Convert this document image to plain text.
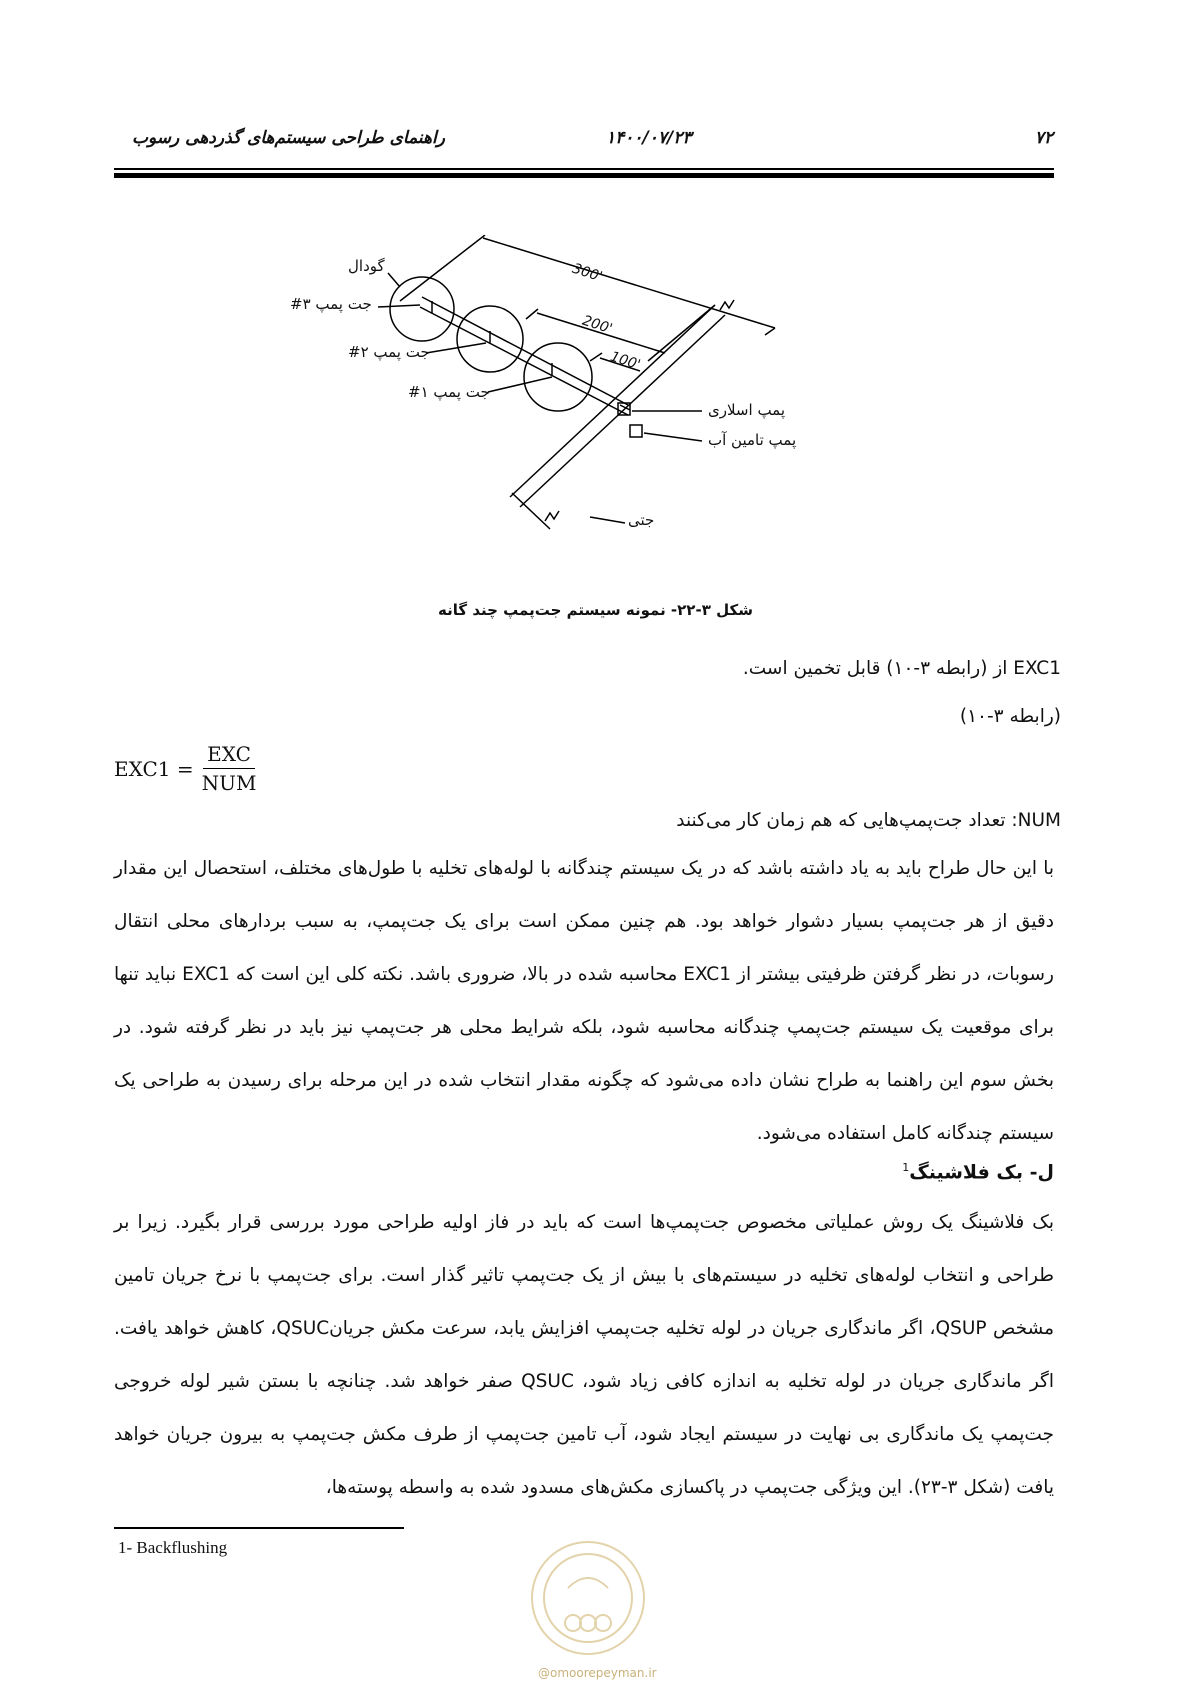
۷۲
۱۴۰۰/۰۷/۲۳
راهنمای طراحی سیستم‌های گذردهی رسوب
گودال
جت پمپ ۳#
جت پمپ ۲#
جت پمپ ۱#
پمپ اسلاری
پمپ تامین آب
جتی
300'
200'
100'
شکل ۳-۲۲- نمونه سیستم جت‌پمپ چند گانه
EXC1 از (رابطه ۳-۱۰) قابل تخمین است.
(رابطه ۳-۱۰)
$EXC1 = \frac{\text{EXC}}{\text{NUM}}$
NUM: تعداد جت‌پمپ‌هایی که هم زمان کار می‌کنند
با این حال طراح باید به یاد داشته باشد که در یک سیستم چندگانه با لوله‌های تخلیه با طول‌های مختلف، استحصال این مقدار دقیق از هر جت‌پمپ بسیار دشوار خواهد بود. هم چنین ممکن است برای یک جت‌پمپ، به سبب بردارهای محلی انتقال رسوبات، در نظر گرفتن ظرفیتی بیشتر از EXC1 محاسبه شده در بالا، ضروری باشد. نکته کلی این است که EXC1 نباید تنها برای موقعیت یک سیستم جت‌پمپ چندگانه محاسبه شود، بلکه شرایط محلی هر جت‌پمپ نیز باید در نظر گرفته شود. در بخش سوم این راهنما به طراح نشان داده می‌شود که چگونه مقدار انتخاب شده در این مرحله برای رسیدن به طراحی یک سیستم چندگانه کامل استفاده می‌شود.
ل- بک فلاشینگ$^1$
بک فلاشینگ یک روش عملیاتی مخصوص جت‌پمپ‌ها است که باید در فاز اولیه طراحی مورد بررسی قرار بگیرد. زیرا بر طراحی و انتخاب لوله‌های تخلیه در سیستم‌های با بیش از یک جت‌پمپ تاثیر گذار است. برای جت‌پمپ با نرخ جریان تامین مشخص QSUP، اگر ماندگاری جریان در لوله تخلیه جت‌پمپ افزایش یابد، سرعت مکش جریانQSUC، کاهش خواهد یافت. اگر ماندگاری جریان در لوله تخلیه به اندازه کافی زیاد شود، QSUC صفر خواهد شد. چنانچه با بستن شیر لوله خروجی جت‌پمپ یک ماندگاری بی نهایت در سیستم ایجاد شود، آب تامین جت‌پمپ از طرف مکش جت‌پمپ به بیرون جریان خواهد یافت (شکل ۳-۲۳). این ویژگی جت‌پمپ در پاکسازی مکش‌های مسدود شده به واسطه پوسته‌ها،
1- Backflushing
@omoorepeyman.ir
